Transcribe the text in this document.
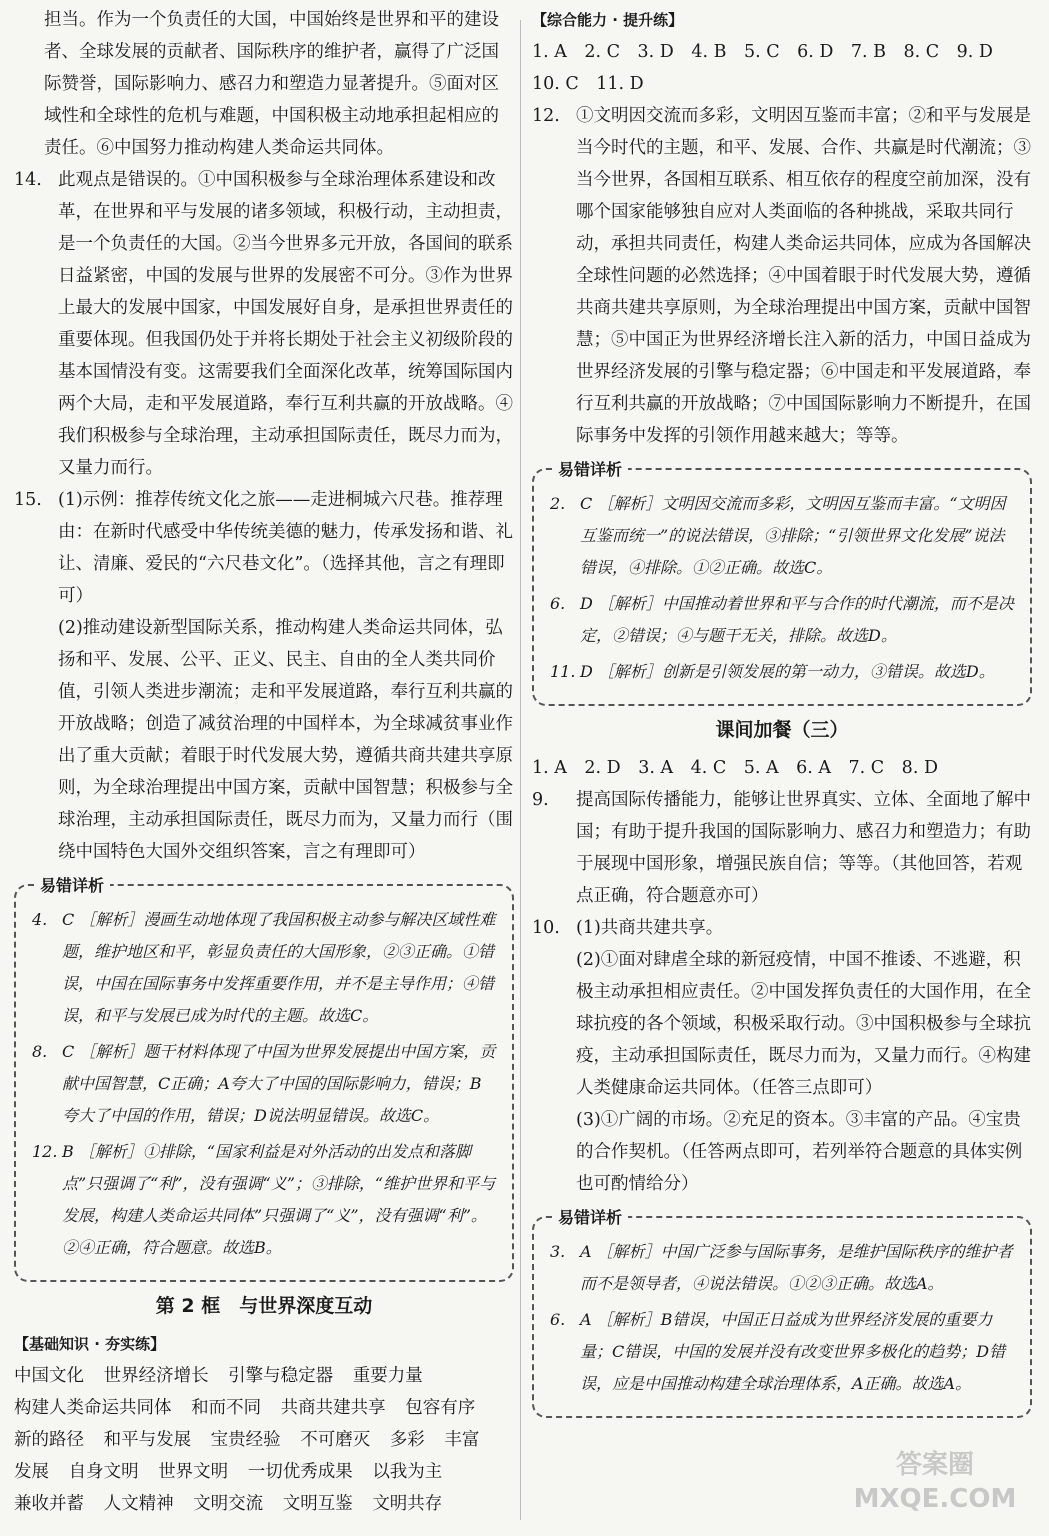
担当。作为一个负责任的大国，中国始终是世界和平的建设者、全球发展的贡献者、国际秩序的维护者，赢得了广泛国际赞誉，国际影响力、感召力和塑造力显著提升。⑤面对区域性和全球性的危机与难题，中国积极主动地承担起相应的责任。⑥中国努力推动构建人类命运共同体。

14. 此观点是错误的。①中国积极参与全球治理体系建设和改革，在世界和平与发展的诸多领域，积极行动，主动担责，是一个负责任的大国。②当今世界多元开放，各国间的联系日益紧密，中国的发展与世界的发展密不可分。③作为世界上最大的发展中国家，中国发展好自身，是承担世界责任的重要体现。但我国仍处于并将长期处于社会主义初级阶段的基本国情没有变。这需要我们全面深化改革，统筹国际国内两个大局，走和平发展道路，奉行互利共赢的开放战略。④我们积极参与全球治理，主动承担国际责任，既尽力而为，又量力而行。

15. (1)示例：推荐传统文化之旅——走进桐城六尺巷。推荐理由：在新时代感受中华传统美德的魅力，传承发扬和谐、礼让、清廉、爱民的“六尺巷文化”。（选择其他，言之有理即可）

(2)推动建设新型国际关系，推动构建人类命运共同体，弘扬和平、发展、公平、正义、民主、自由的全人类共同价值，引领人类进步潮流；走和平发展道路，奉行互利共赢的开放战略；创造了减贫治理的中国样本，为全球减贫事业作出了重大贡献；着眼于时代发展大势，遵循共商共建共享原则，为全球治理提出中国方案，贡献中国智慧；积极参与全球治理，主动承担国际责任，既尽力而为，又量力而行（围绕中国特色大国外交组织答案，言之有理即可）

易错详析
4. C ［解析］漫画生动地体现了我国积极主动参与解决区域性难题，维护地区和平，彰显负责任的大国形象，②③正确。①错误，中国在国际事务中发挥重要作用，并不是主导作用；④错误，和平与发展已成为时代的主题。故选C。
8. C ［解析］题干材料体现了中国为世界发展提出中国方案，贡献中国智慧，C正确；A夸大了中国的国际影响力，错误；B夸大了中国的作用，错误；D说法明显错误。故选C。
12. B ［解析］①排除，“国家利益是对外活动的出发点和落脚点”只强调了“利”，没有强调“义”；③排除，“维护世界和平与发展，构建人类命运共同体”只强调了“义”，没有强调“利”。②④正确，符合题意。故选B。

第 2 框　与世界深度互动

【基础知识 · 夯实练】

中国文化 世界经济增长 引擎与稳定器 重要力量

构建人类命运共同体 和而不同 共商共建共享 包容有序

新的路径 和平与发展 宝贵经验 不可磨灭 多彩 丰富

发展 自身文明 世界文明 一切优秀成果 以我为主

兼收并蓄 人文精神 文明交流 文明互鉴 文明共存

【综合能力 · 提升练】

1. A　2. C　3. D　4. B　5. C　6. D　7. B　8. C　9. D

10. C　11. D

12. ①文明因交流而多彩，文明因互鉴而丰富；②和平与发展是当今时代的主题，和平、发展、合作、共赢是时代潮流；③当今世界，各国相互联系、相互依存的程度空前加深，没有哪个国家能够独自应对人类面临的各种挑战，采取共同行动，承担共同责任，构建人类命运共同体，应成为各国解决全球性问题的必然选择；④中国着眼于时代发展大势，遵循共商共建共享原则，为全球治理提出中国方案，贡献中国智慧；⑤中国正为世界经济增长注入新的活力，中国日益成为世界经济发展的引擎与稳定器；⑥中国走和平发展道路，奉行互利共赢的开放战略；⑦中国国际影响力不断提升，在国际事务中发挥的引领作用越来越大；等等。

易错详析
2. C ［解析］文明因交流而多彩，文明因互鉴而丰富。“文明因互鉴而统一”的说法错误，③排除；“引领世界文化发展”说法错误，④排除。①②正确。故选C。
6. D ［解析］中国推动着世界和平与合作的时代潮流，而不是决定，②错误；④与题干无关，排除。故选D。
11. D ［解析］创新是引领发展的第一动力，③错误。故选D。

课间加餐（三）

1. A　2. D　3. A　4. C　5. A　6. A　7. C　8. D

9. 提高国际传播能力，能够让世界真实、立体、全面地了解中国；有助于提升我国的国际影响力、感召力和塑造力；有助于展现中国形象，增强民族自信；等等。（其他回答，若观点正确，符合题意亦可）

10. (1)共商共建共享。

(2)①面对肆虐全球的新冠疫情，中国不推诿、不逃避，积极主动承担相应责任。②中国发挥负责任的大国作用，在全球抗疫的各个领域，积极采取行动。③中国积极参与全球抗疫，主动承担国际责任，既尽力而为，又量力而行。④构建人类健康命运共同体。（任答三点即可）

(3)①广阔的市场。②充足的资本。③丰富的产品。④宝贵的合作契机。（任答两点即可，若列举符合题意的具体实例也可酌情给分）

易错详析
3. A ［解析］中国广泛参与国际事务，是维护国际秩序的维护者而不是领导者，④说法错误。①②③正确。故选A。
6. A ［解析］B错误，中国正日益成为世界经济发展的重要力量；C错误，中国的发展并没有改变世界多极化的趋势；D错误，应是中国推动构建全球治理体系，A正确。故选A。
答案圈
MXQE.COM
